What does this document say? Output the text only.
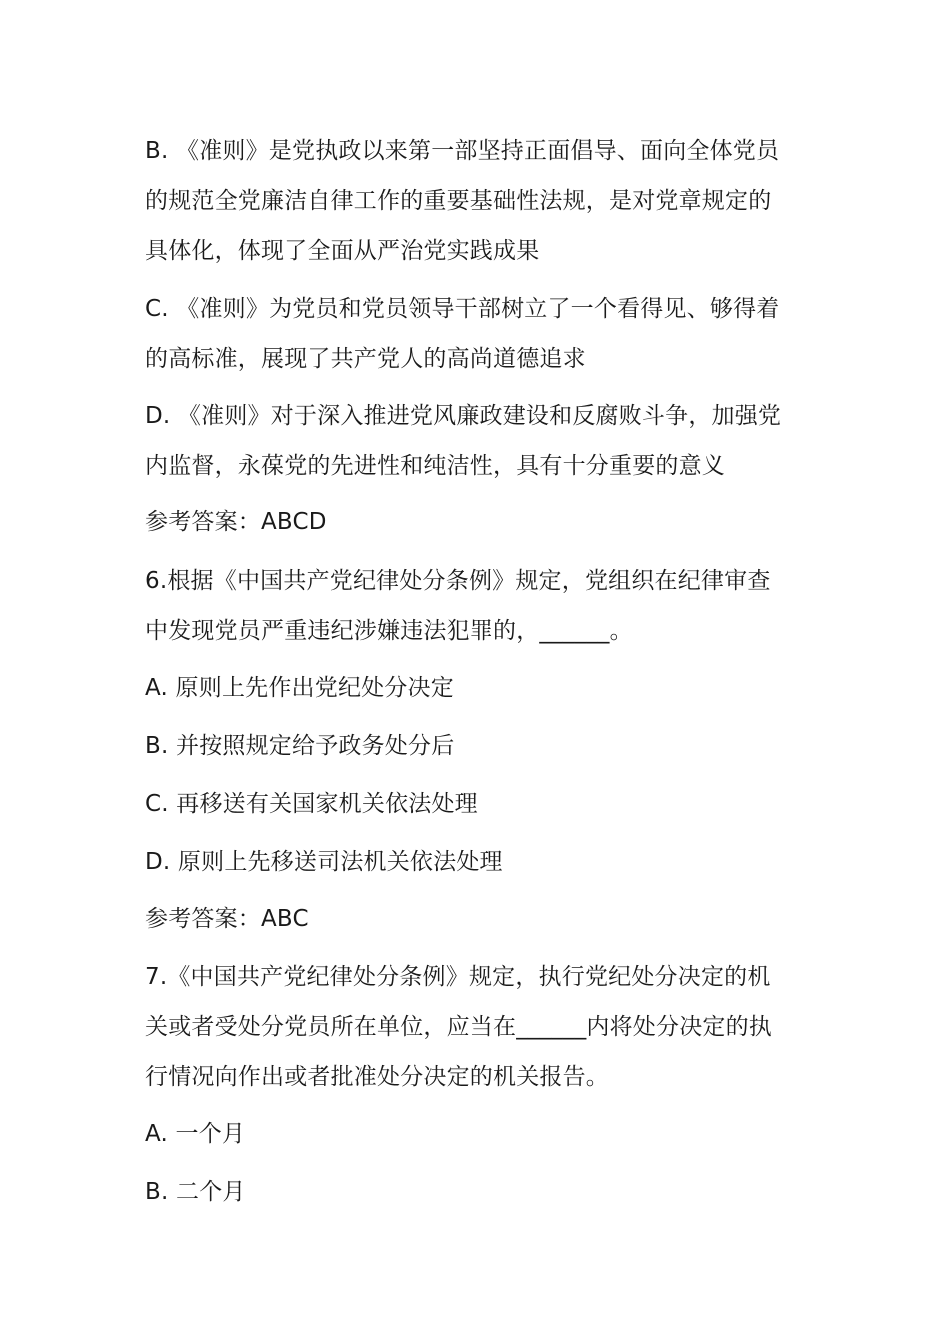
B. 《准则》是党执政以来第一部坚持正面倡导、面向全体党员
的规范全党廉洁自律工作的重要基础性法规，是对党章规定的
具体化，体现了全面从严治党实践成果

C. 《准则》为党员和党员领导干部树立了一个看得见、够得着
的高标准，展现了共产党人的高尚道德追求

D. 《准则》对于深入推进党风廉政建设和反腐败斗争，加强党
内监督，永葆党的先进性和纯洁性，具有十分重要的意义

参考答案：ABCD

6.根据《中国共产党纪律处分条例》规定，党组织在纪律审查
中发现党员严重违纪涉嫌违法犯罪的，______。

A. 原则上先作出党纪处分决定

B. 并按照规定给予政务处分后

C. 再移送有关国家机关依法处理

D. 原则上先移送司法机关依法处理

参考答案：ABC

7.《中国共产党纪律处分条例》规定，执行党纪处分决定的机
关或者受处分党员所在单位，应当在______内将处分决定的执
行情况向作出或者批准处分决定的机关报告。

A. 一个月

B. 二个月
